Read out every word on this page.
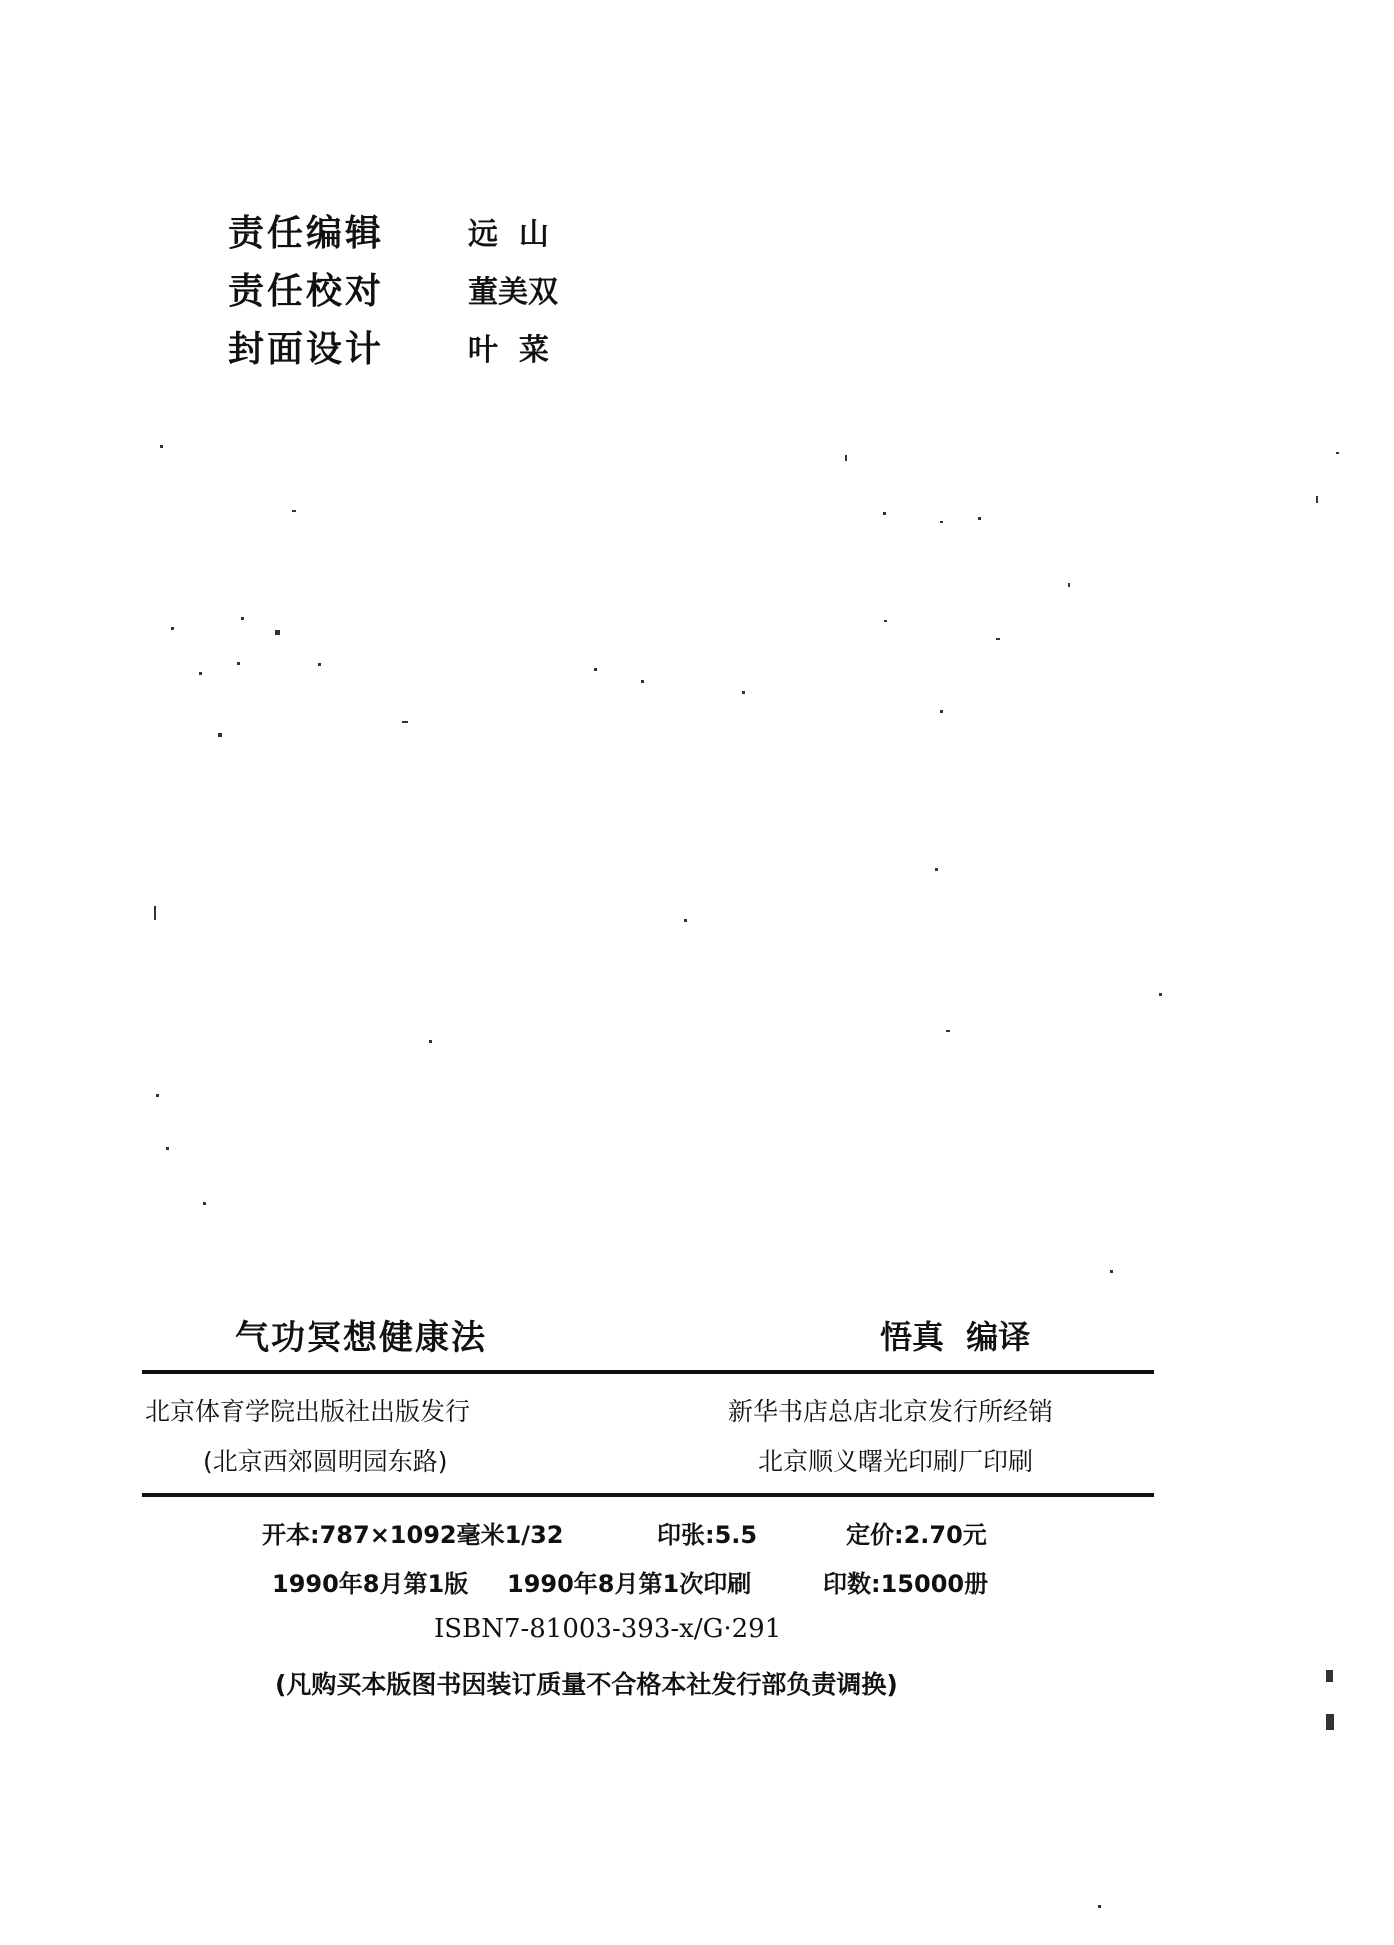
责任编辑	远  山
责任校对	董美双
封面设计	叶  菜
气功冥想健康法	悟真  编译
北京体育学院出版社出版发行	新华书店总店北京发行所经销
(北京西郊圆明园东路)	北京顺义曙光印刷厂印刷
开本:787×1092毫米1/32	印张:5.5	定价:2.70元
1990年8月第1版 1990年8月第1次印刷	印数:15000册
ISBN7-81003-393-x/G·291
(凡购买本版图书因装订质量不合格本社发行部负责调换)
